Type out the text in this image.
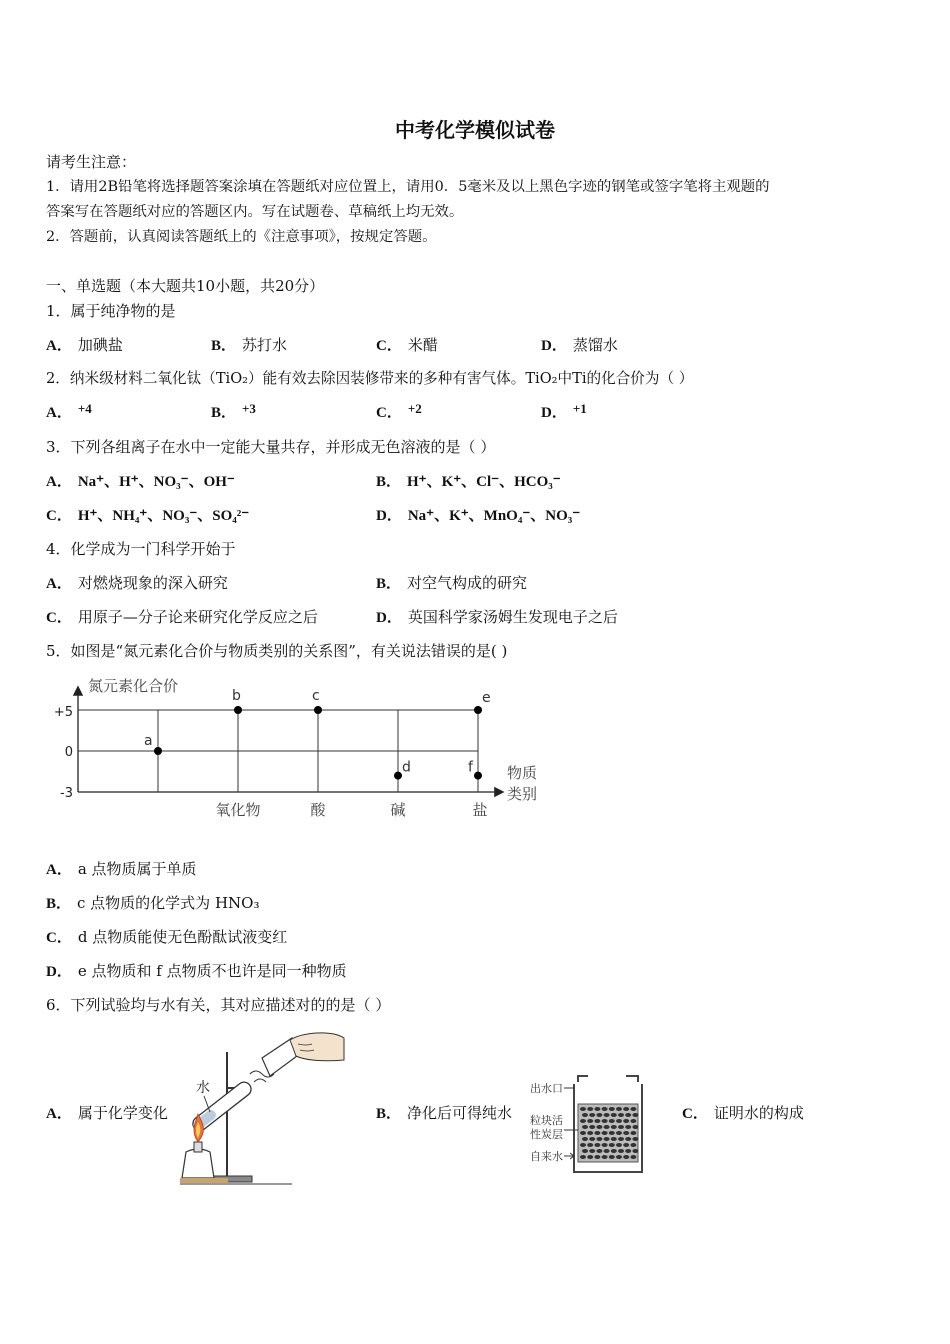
中考化学模似试卷
请考生注意：
1．请用2B铅笔将选择题答案涂填在答题纸对应位置上，请用0．5毫米及以上黑色字迹的钢笔或签字笔将主观题的
答案写在答题纸对应的答题区内。写在试题卷、草稿纸上均无效。
2．答题前，认真阅读答题纸上的《注意事项》，按规定答题。
一、单选题（本大题共10小题，共20分）
1．属于纯净物的是
A． 加碘盐	B． 苏打水	C． 米醋	D． 蒸馏水
2．纳米级材料二氧化钛（TiO₂）能有效去除因装修带来的多种有害气体。TiO₂中Ti的化合价为（ ）
A． +4	B． +3	C． +2	D． +1
3．下列各组离子在水中一定能大量共存，并形成无色溶液的是（ ）
A． Na⁺、H⁺、NO₃⁻、OH⁻	B． H⁺、K⁺、Cl⁻、HCO₃⁻
C． H⁺、NH₄⁺、NO₃⁻、SO₄²⁻	D． Na⁺、K⁺、MnO₄⁻、NO₃⁻
4．化学成为一门科学开始于
A． 对燃烧现象的深入研究	B． 对空气构成的研究
C． 用原子—分子论来研究化学反应之后	D． 英国科学家汤姆生发现电子之后
5．如图是“氮元素化合价与物质类别的关系图”，有关说法错误的是( )
氮元素化合价
物质
类别
+5
0
-3
氧化物	酸	碱	盐
a
b	c
d
e
f
A． a 点物质属于单质
B． c 点物质的化学式为 HNO₃
C． d 点物质能使无色酚酞试液变红
D． e 点物质和 f 点物质不也许是同一种物质
6．下列试验均与水有关，其对应描述对的的是（ ）
A． 属于化学变化
水
B． 净化后可得纯水
出水口
粒块活
性炭层
自来水
C． 证明水的构成
